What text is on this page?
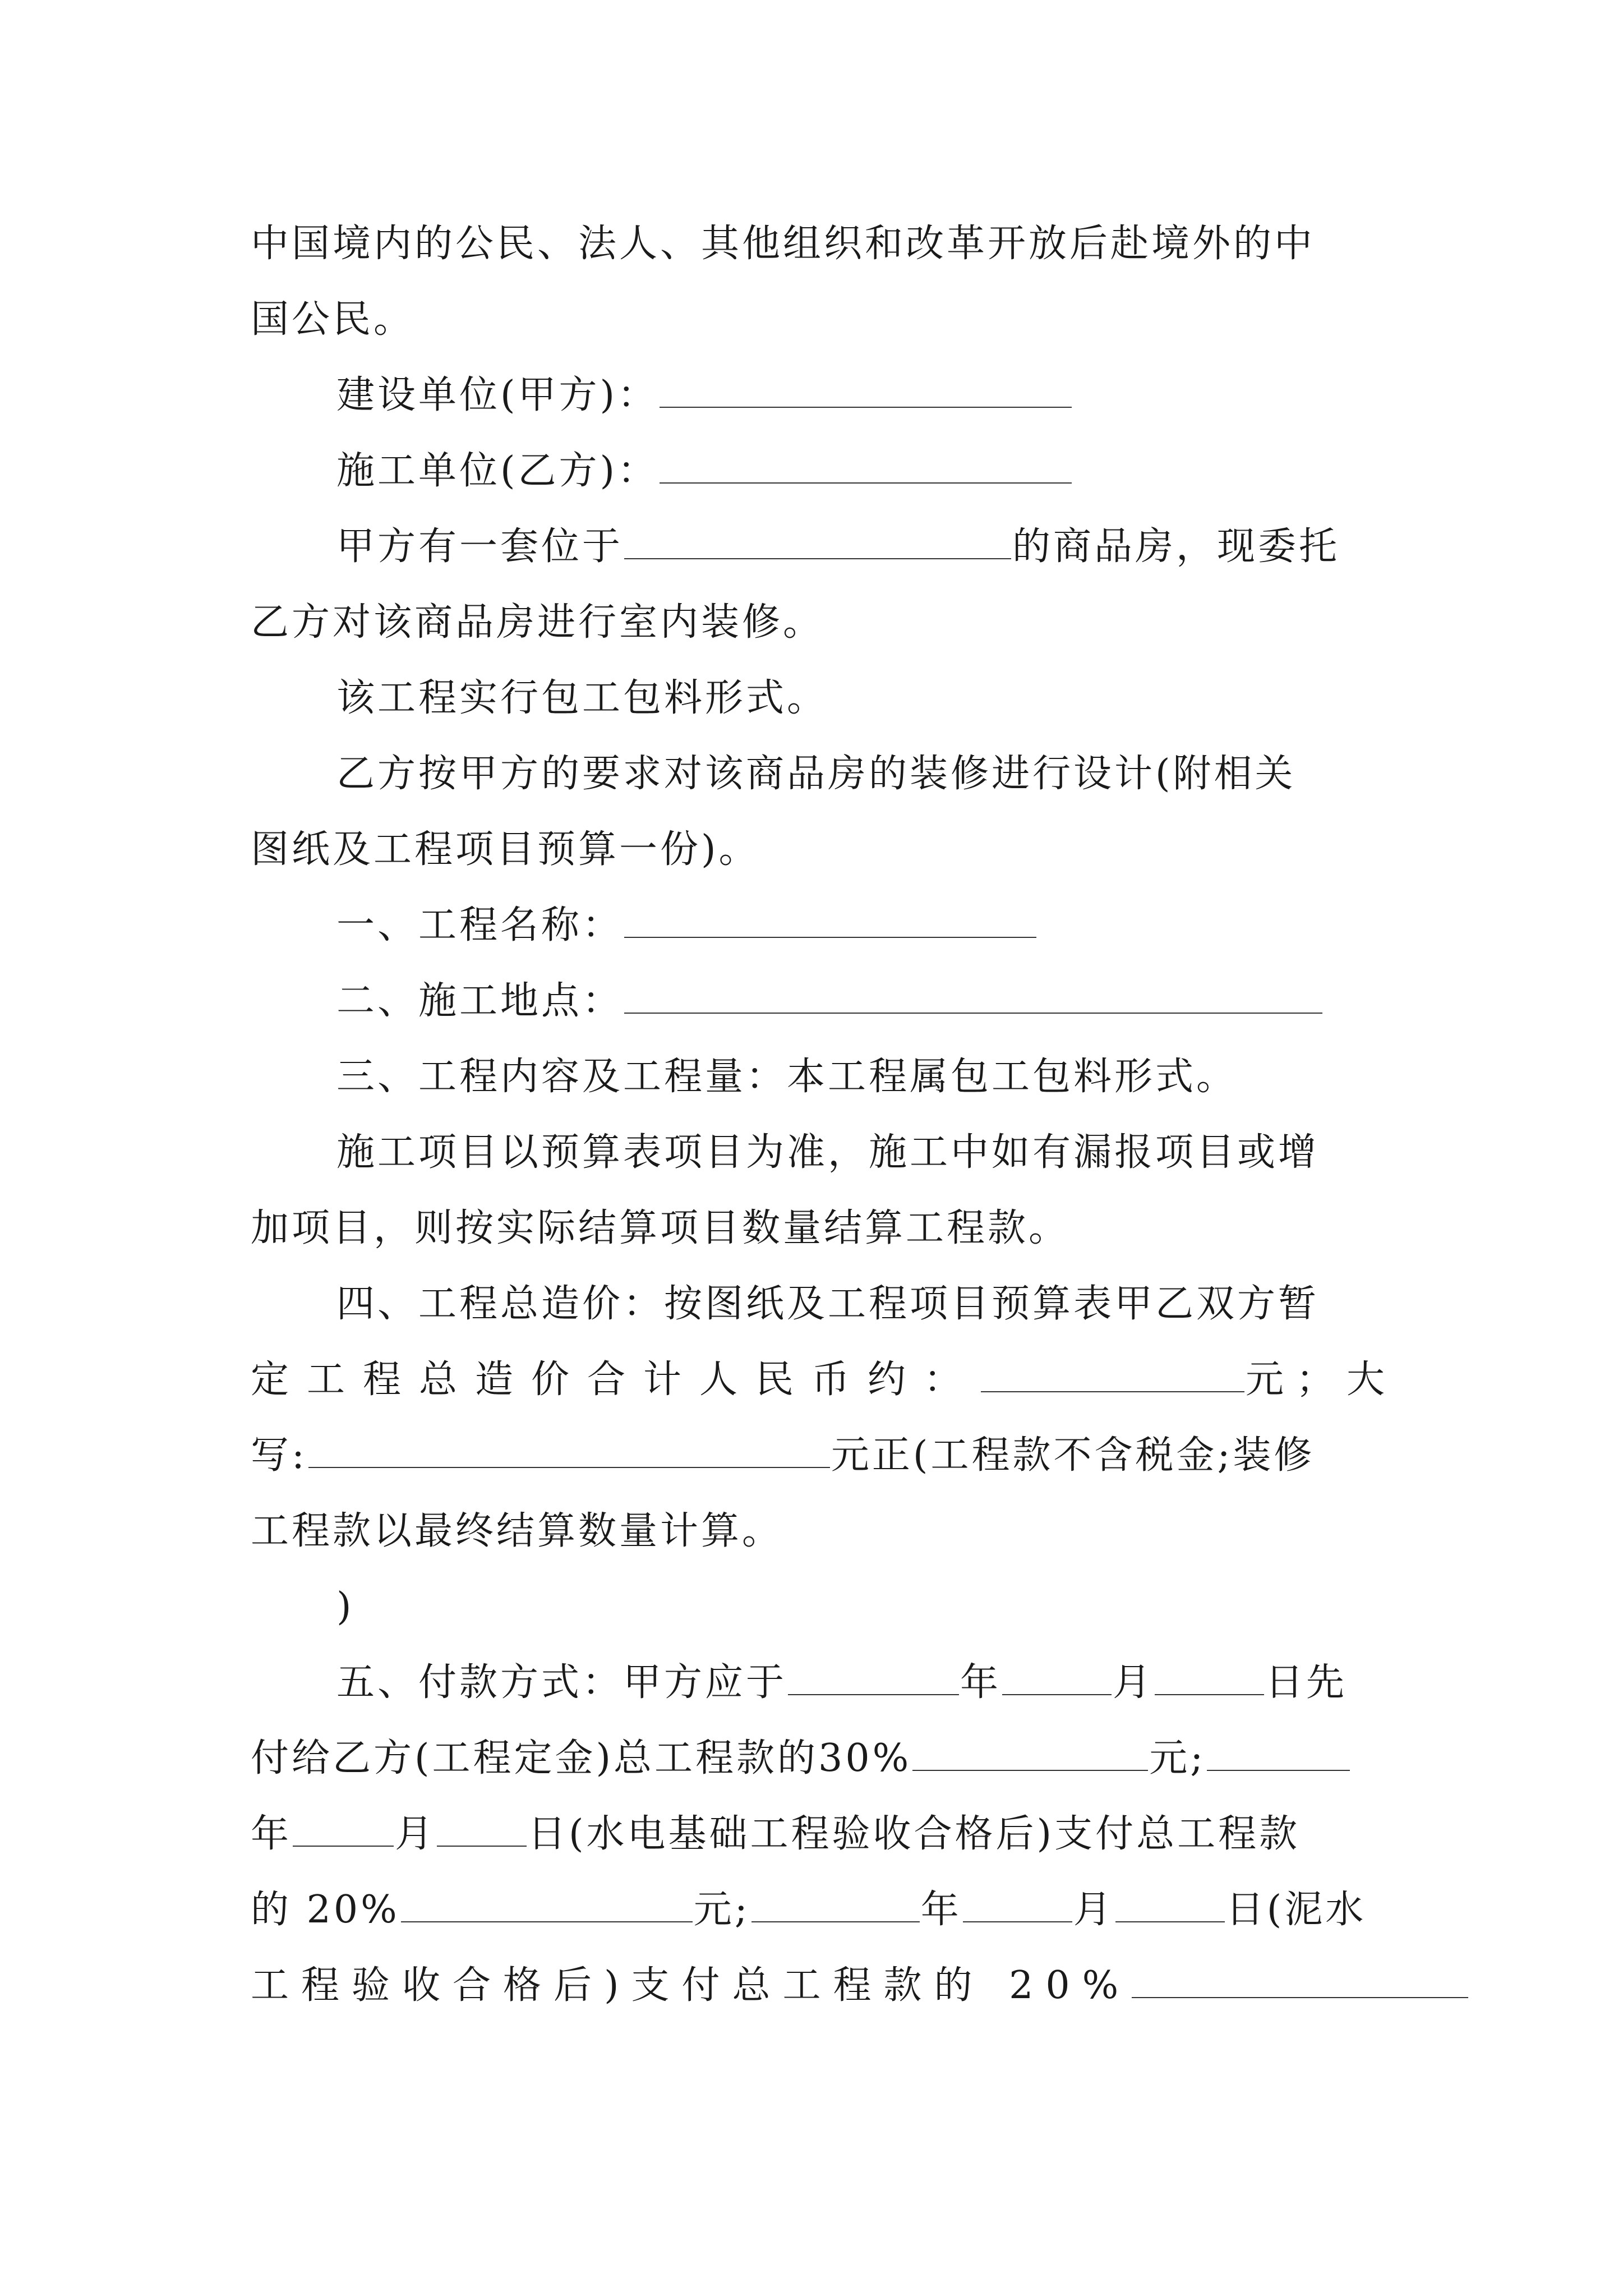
中国境内的公民、法人、其他组织和改革开放后赴境外的中
国公民。
建设单位(甲方)：
施工单位(乙方)：
甲方有一套位于	的商品房，现委托
乙方对该商品房进行室内装修。
该工程实行包工包料形式。
乙方按甲方的要求对该商品房的装修进行设计(附相关
图纸及工程项目预算一份)。
一、工程名称：
二、施工地点：
三、工程内容及工程量：本工程属包工包料形式。
施工项目以预算表项目为准，施工中如有漏报项目或增
加项目，则按实际结算项目数量结算工程款。
四、工程总造价：按图纸及工程项目预算表甲乙双方暂
定工程总造价合计人民币约：	元；大
写:	元正(工程款不含税金;装修
工程款以最终结算数量计算。
)
五、付款方式：甲方应于	年	月	日先
付给乙方(工程定金)总工程款的30%	元;
年	月 日(水电基础工程验收合格后)支付总工程款
的 20%	元;	年	月	日(泥水
工程验收合格后)支付总工程款的 20%
